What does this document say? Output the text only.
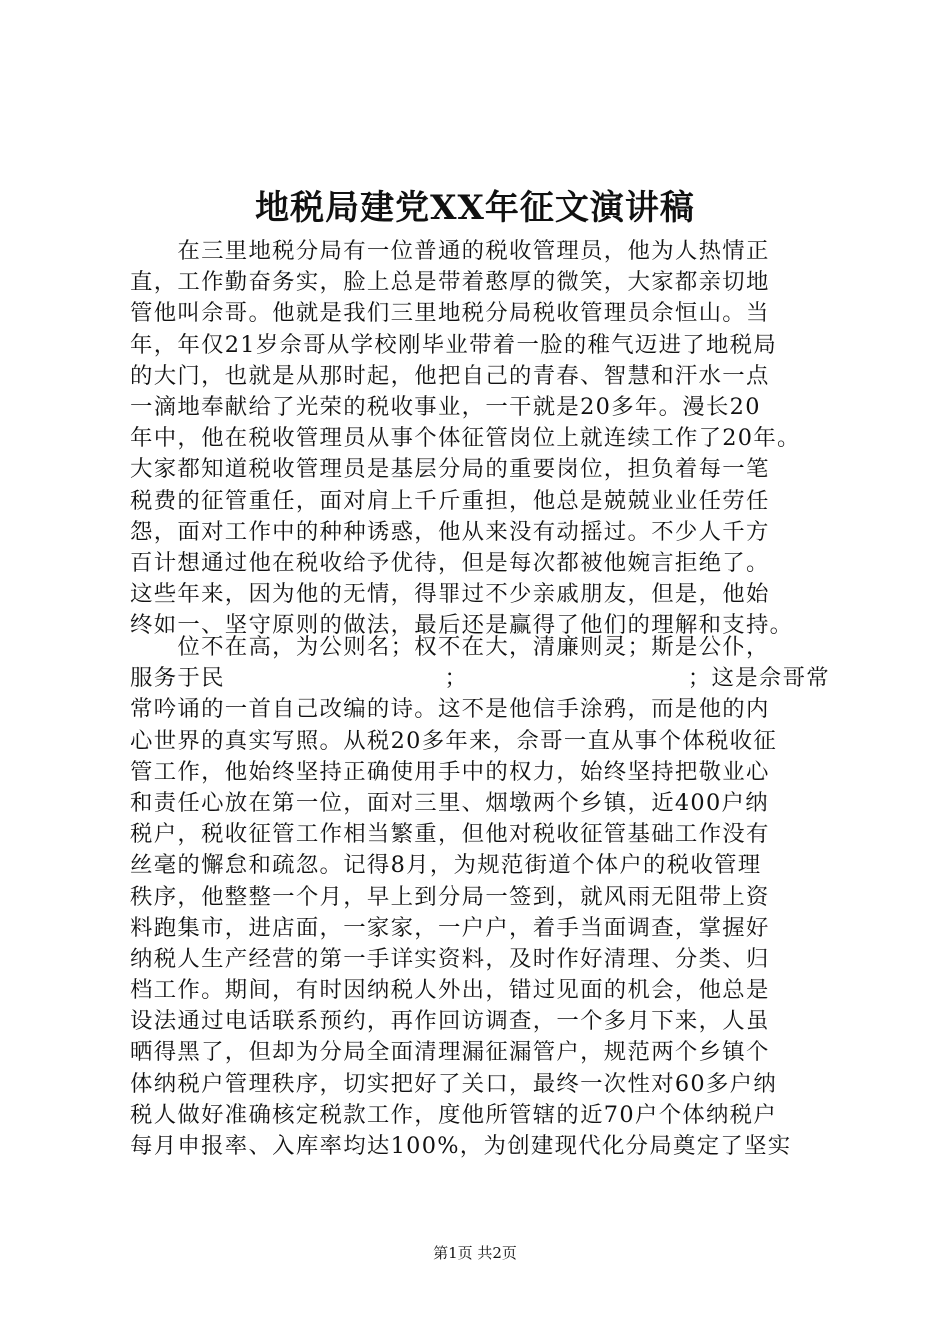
地税局建党XX年征文演讲稿
　　在三里地税分局有一位普通的税收管理员，他为人热情正
直，工作勤奋务实，脸上总是带着憨厚的微笑，大家都亲切地
管他叫佘哥。他就是我们三里地税分局税收管理员佘恒山。当
年，年仅21岁佘哥从学校刚毕业带着一脸的稚气迈进了地税局
的大门，也就是从那时起，他把自己的青春、智慧和汗水一点
一滴地奉献给了光荣的税收事业，一干就是20多年。漫长20
年中，他在税收管理员从事个体征管岗位上就连续工作了20年。
大家都知道税收管理员是基层分局的重要岗位，担负着每一笔
税费的征管重任，面对肩上千斤重担，他总是兢兢业业任劳任
怨，面对工作中的种种诱惑，他从来没有动摇过。不少人千方
百计想通过他在税收给予优待，但是每次都被他婉言拒绝了。
这些年来，因为他的无情，得罪过不少亲戚朋友，但是，他始
终如一、坚守原则的做法，最后还是赢得了他们的理解和支持。
　　位不在高，为公则名；权不在大，清廉则灵；斯是公仆，
服务于民	；	；这是佘哥常
常吟诵的一首自己改编的诗。这不是他信手涂鸦，而是他的内
心世界的真实写照。从税20多年来，佘哥一直从事个体税收征
管工作，他始终坚持正确使用手中的权力，始终坚持把敬业心
和责任心放在第一位，面对三里、烟墩两个乡镇，近400户纳
税户，税收征管工作相当繁重，但他对税收征管基础工作没有
丝毫的懈怠和疏忽。记得8月，为规范街道个体户的税收管理
秩序，他整整一个月，早上到分局一签到，就风雨无阻带上资
料跑集市，进店面，一家家，一户户，着手当面调查，掌握好
纳税人生产经营的第一手详实资料，及时作好清理、分类、归
档工作。期间，有时因纳税人外出，错过见面的机会，他总是
设法通过电话联系预约，再作回访调查，一个多月下来，人虽
晒得黑了，但却为分局全面清理漏征漏管户，规范两个乡镇个
体纳税户管理秩序，切实把好了关口，最终一次性对60多户纳
税人做好准确核定税款工作，度他所管辖的近70户个体纳税户
每月申报率、入库率均达100%，为创建现代化分局奠定了坚实
第1页 共2页
